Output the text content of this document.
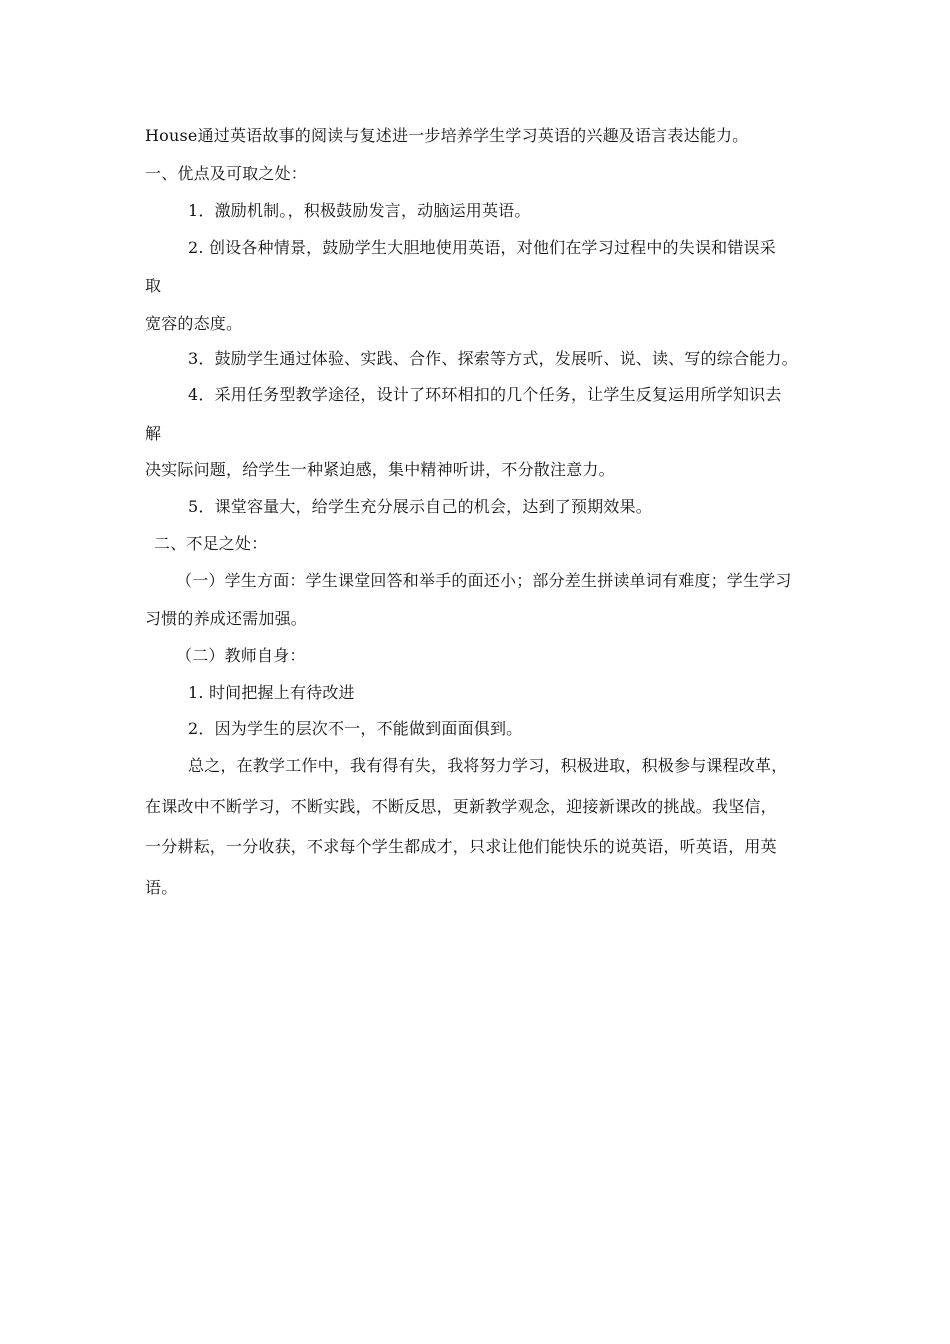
House通过英语故事的阅读与复述进一步培养学生学习英语的兴趣及语言表达能力。
一、优点及可取之处：
1．激励机制。，积极鼓励发言，动脑运用英语。
2. 创设各种情景，鼓励学生大胆地使用英语，对他们在学习过程中的失误和错误采
取
宽容的态度。
3．鼓励学生通过体验、实践、合作、探索等方式，发展听、说、读、写的综合能力。
4．采用任务型教学途径，设计了环环相扣的几个任务，让学生反复运用所学知识去
解
决实际问题，给学生一种紧迫感，集中精神听讲，不分散注意力。
5．课堂容量大，给学生充分展示自己的机会，达到了预期效果。
二、不足之处：
（一）学生方面：学生课堂回答和举手的面还小；部分差生拼读单词有难度；学生学习
习惯的养成还需加强。
（二）教师自身：
1. 时间把握上有待改进
2．因为学生的层次不一，不能做到面面俱到。
总之，在教学工作中，我有得有失，我将努力学习，积极进取，积极参与课程改革，
在课改中不断学习，不断实践，不断反思，更新教学观念，迎接新课改的挑战。我坚信，
一分耕耘，一分收获，不求每个学生都成才，只求让他们能快乐的说英语，听英语，用英
语。
